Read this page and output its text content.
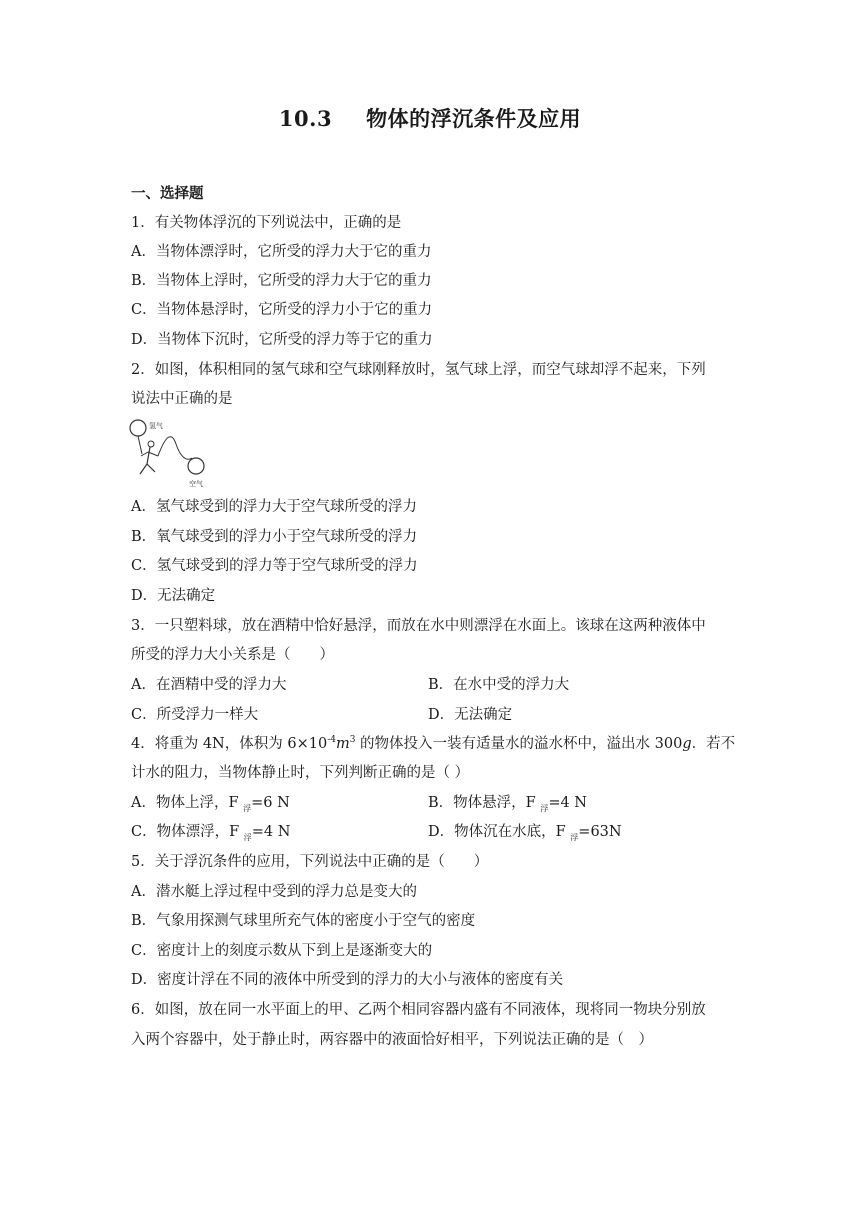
10.3 物体的浮沉条件及应用
一、选择题
1．有关物体浮沉的下列说法中，正确的是
A．当物体漂浮时，它所受的浮力大于它的重力
B．当物体上浮时，它所受的浮力大于它的重力
C．当物体悬浮时，它所受的浮力小于它的重力
D．当物体下沉时，它所受的浮力等于它的重力
2．如图，体积相同的氢气球和空气球刚释放时，氢气球上浮，而空气球却浮不起来，下列
说法中正确的是
氢气
空气
A．氢气球受到的浮力大于空气球所受的浮力
B．氧气球受到的浮力小于空气球所受的浮力
C．氢气球受到的浮力等于空气球所受的浮力
D．无法确定
3．一只塑料球，放在酒精中恰好悬浮，而放在水中则漂浮在水面上。该球在这两种液体中
所受的浮力大小关系是（　　）
A．在酒精中受的浮力大	B．在水中受的浮力大
C．所受浮力一样大	D．无法确定
4．将重为 4N，体积为 $6\times 10^{-4}m^3$ 的物体投入一装有适量水的溢水杯中，溢出水 300g．若不
计水的阻力，当物体静止时，下列判断正确的是（ ）
A．物体上浮，F $_浮$=6 N	B．物体悬浮，F $_浮$=4 N
C．物体漂浮，F $_浮$=4 N	D．物体沉在水底，F $_浮$=63N
5．关于浮沉条件的应用，下列说法中正确的是（　　）
A．潜水艇上浮过程中受到的浮力总是变大的
B．气象用探测气球里所充气体的密度小于空气的密度
C．密度计上的刻度示数从下到上是逐渐变大的
D．密度计浮在不同的液体中所受到的浮力的大小与液体的密度有关
6．如图，放在同一水平面上的甲、乙两个相同容器内盛有不同液体，现将同一物块分别放
入两个容器中，处于静止时，两容器中的液面恰好相平，下列说法正确的是（　）
